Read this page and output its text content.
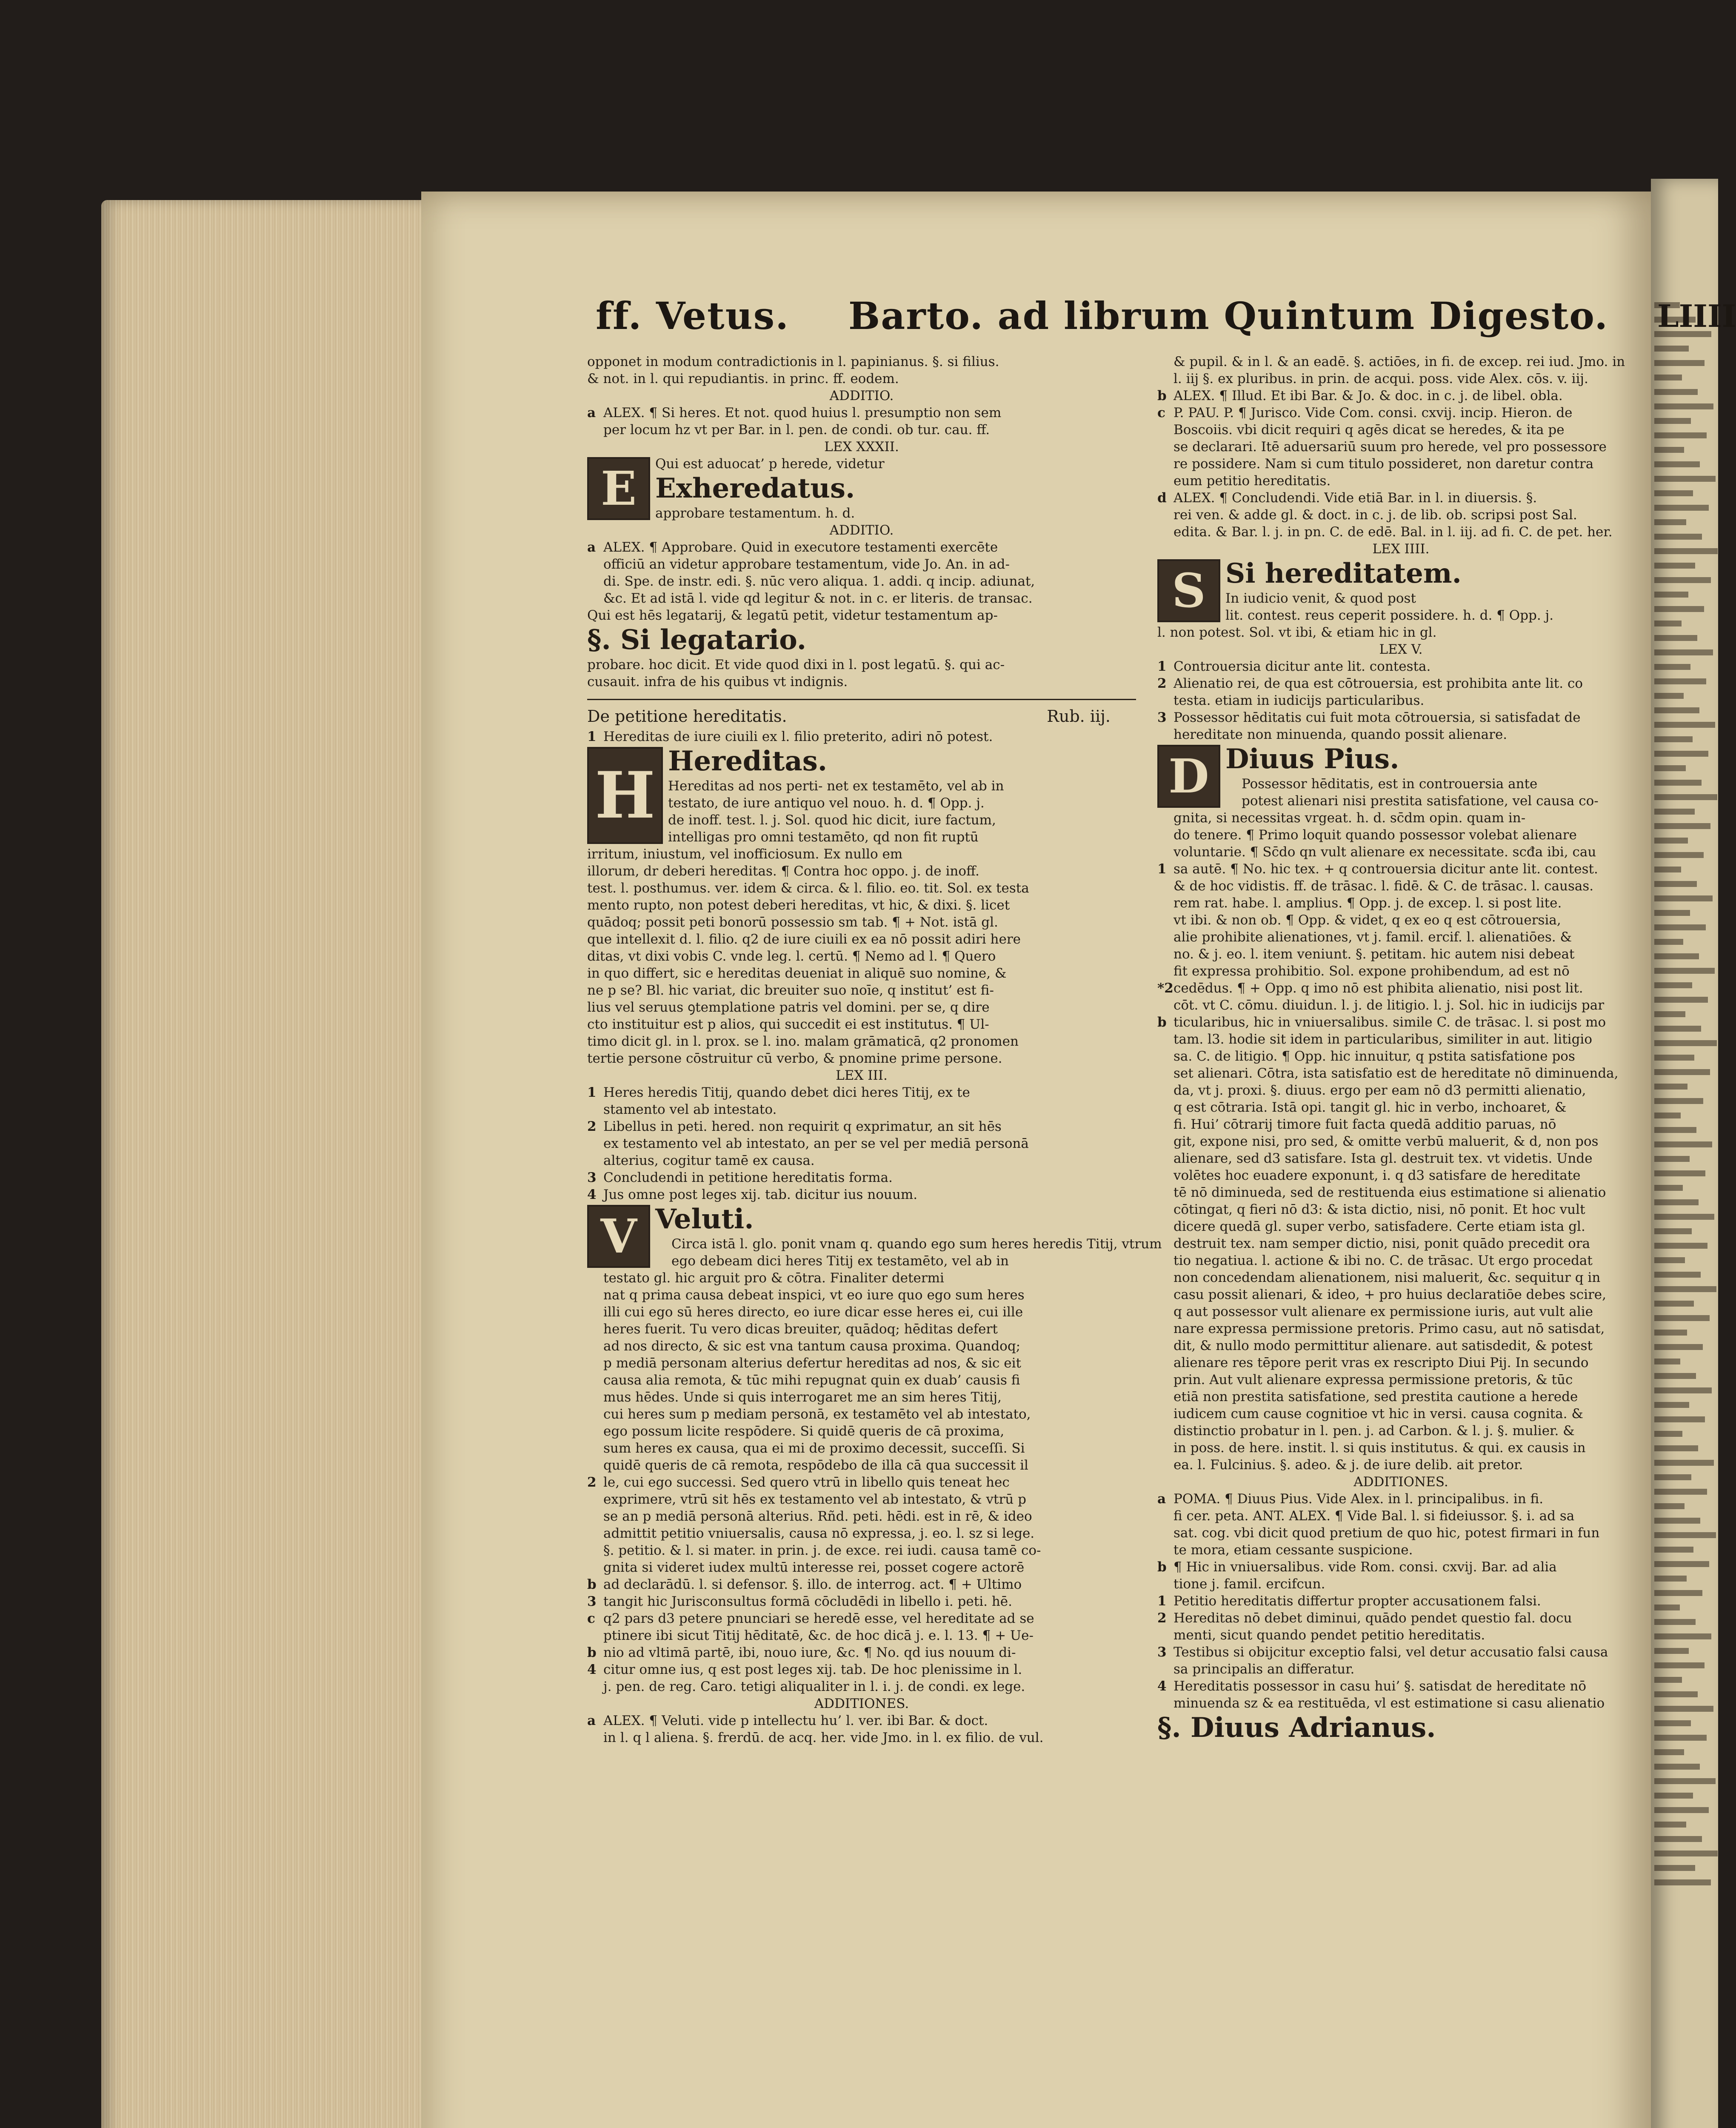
ff. Vetus. Barto. ad librum Quintum Digesto. LIIII
opponet in modum contradictionis in l. papinianus. §. si filius.
& not. in l. qui repudiantis. in princ. ff. eodem.
ADDITIO.
a ALEX. ¶ Si heres. Et not. quod huius l. presumptio non sem
per locum hz vt per Bar. in l. pen. de condi. ob tur. cau. ff.
LEX XXXII.
E	Qui est aduocat’ p herede, videtur
Exheredatus.
approbare testamentum. h. d.
ADDITIO.
a ALEX. ¶ Approbare. Quid in executore testamenti exercēte
officiū an videtur approbare testamentum, vide Jo. An. in ad-
di. Spe. de instr. edi. §. nūc vero aliqua. 1. addi. q incip. adiunat,
&c. Et ad istā l. vide qd legitur & not. in c. er literis. de transac.
Qui est hēs legatarij, & legatū petit, videtur testamentum ap-
§. Si legatario.
probare. hoc dicit. Et vide quod dixi in l. post legatū. §. qui ac-
cusauit. infra de his quibus vt indignis.
De petitione hereditatis.	Rub. iij.
1 Hereditas de iure ciuili ex l. filio preterito, adiri nō potest.
H Hereditas.
Hereditas ad nos perti- net ex testamēto, vel ab in
testato, de iure antiquo vel nouo. h. d. ¶ Opp. j.
de inoff. test. l. j. Sol. quod hic dicit, iure factum,
intelligas pro omni testamēto, qd non fit ruptū
irritum, iniustum, vel inofficiosum. Ex nullo em
illorum, dr deberi hereditas. ¶ Contra hoc oppo. j. de inoff.
test. l. posthumus. ver. idem & circa. & l. filio. eo. tit. Sol. ex testa
mento rupto, non potest deberi hereditas, vt hic, & dixi. §. licet
quādoq; possit peti bonorū possessio sm tab. ¶ + Not. istā gl.
que intellexit d. l. filio. q2 de iure ciuili ex ea nō possit adiri here
ditas, vt dixi vobis C. vnde leg. l. certū. ¶ Nemo ad l. ¶ Quero
in quo differt, sic e hereditas deueniat in aliquē suo nomine, &
ne p se? Bl. hic variat, dic breuiter suo noīe, q institut’ est fi-
lius vel seruus ꝯtemplatione patris vel domini. per se, q dire
cto instituitur est p alios, qui succedit ei est institutus. ¶ Ul-
timo dicit gl. in l. prox. se l. ino. malam grāmaticā, q2 pronomen
tertie persone cōstruitur cū verbo, & pnomine prime persone.
LEX III.
1 Heres heredis Titij, quando debet dici heres Titij, ex te
stamento vel ab intestato.
2 Libellus in peti. hered. non requirit q exprimatur, an sit hēs
ex testamento vel ab intestato, an per se vel per mediā personā
alterius, cogitur tamē ex causa.
3 Concludendi in petitione hereditatis forma.
4 Jus omne post leges xij. tab. dicitur ius nouum.
V Veluti.
Circa istā l. glo. ponit vnam q. quando ego sum heres heredis Titij, vtrum
ego debeam dici heres Titij ex testamēto, vel ab in
testato gl. hic arguit pro & cōtra. Finaliter determi
nat q prima causa debeat inspici, vt eo iure quo ego sum heres
illi cui ego sū heres directo, eo iure dicar esse heres ei, cui ille
heres fuerit. Tu vero dicas breuiter, quādoq; hēditas defert
ad nos directo, & sic est vna tantum causa proxima. Quandoq;
p mediā personam alterius defertur hereditas ad nos, & sic eit
causa alia remota, & tūc mihi repugnat quin ex duab’ causis fi
mus hēdes. Unde si quis interrogaret me an sim heres Titij,
cui heres sum p mediam personā, ex testamēto vel ab intestato,
ego possum licite respōdere. Si quidē queris de cā proxima,
sum heres ex causa, qua ei mi de proximo decessit, succeſſi. Si
quidē queris de cā remota, respōdebo de illa cā qua successit il
2 le, cui ego successi. Sed quero vtrū in libello quis teneat hec
exprimere, vtrū sit hēs ex testamento vel ab intestato, & vtrū p
se an p mediā personā alterius. Rñd. peti. hēdi. est in rē, & ideo
admittit petitio vniuersalis, causa nō expressa, j. eo. l. sz si lege.
§. petitio. & l. si mater. in prin. j. de exce. rei iudi. causa tamē co-
gnita si videret iudex multū interesse rei, posset cogere actorē
b ad declarādū. l. si defensor. §. illo. de interrog. act. ¶ + Ultimo
3 tangit hic Jurisconsultus formā cōcludēdi in libello i. peti. hē.
c q2 pars d3 petere pnunciari se heredē esse, vel hereditate ad se
ptinere ibi sicut Titij hēditatē, &c. de hoc dicā j. e. l. 13. ¶ + Ue-
b nio ad vltimā partē, ibi, nouo iure, &c. ¶ No. qd ius nouum di-
4 citur omne ius, q est post leges xij. tab. De hoc plenissime in l.
j. pen. de reg. Caro. tetigi aliqualiter in l. i. j. de condi. ex lege.
ADDITIONES.
a ALEX. ¶ Veluti. vide p intellectu hu’ l. ver. ibi Bar. & doct.
in l. q l aliena. §. frerdū. de acq. her. vide Jmo. in l. ex filio. de vul.
& pupil. & in l. & an eadē. §. actiōes, in fi. de excep. rei iud. Jmo. in
l. iij §. ex pluribus. in prin. de acqui. poss. vide Alex. cōs. v. iij.
b ALEX. ¶ Illud. Et ibi Bar. & Jo. & doc. in c. j. de libel. obla.
c P. PAU. P. ¶ Jurisco. Vide Com. consi. cxvij. incip. Hieron. de
Boscoiis. vbi dicit requiri q agēs dicat se heredes, & ita pe
se declarari. Itē aduersariū suum pro herede, vel pro possessore
re possidere. Nam si cum titulo possideret, non daretur contra
eum petitio hereditatis.
d ALEX. ¶ Concludendi. Vide etiā Bar. in l. in diuersis. §.
rei ven. & adde gl. & doct. in c. j. de lib. ob. scripsi post Sal.
edita. & Bar. l. j. in pn. C. de edē. Bal. in l. iij. ad fi. C. de pet. her.
LEX IIII.
S Si hereditatem.
In iudicio venit, & quod post
lit. contest. reus ceperit possidere. h. d. ¶ Opp. j.
l. non potest. Sol. vt ibi, & etiam hic in gl.
LEX V.
1 Controuersia dicitur ante lit. contesta.
2 Alienatio rei, de qua est cōtrouersia, est prohibita ante lit. co
testa. etiam in iudicijs particularibus.
3 Possessor hēditatis cui fuit mota cōtrouersia, si satisfadat de
hereditate non minuenda, quando possit alienare.
D Diuus Pius.
Possessor hēditatis, est in controuersia ante
potest alienari nisi prestita satisfatione, vel causa co-
gnita, si necessitas vrgeat. h. d. sc̄dm opin. quam in-
do tenere. ¶ Primo loquit quando possessor volebat alienare
voluntarie. ¶ Sc̄do qn vult alienare ex necessitate. scđa ibi, cau
1 sa autē. ¶ No. hic tex. + q controuersia dicitur ante lit. contest.
& de hoc vidistis. ff. de trāsac. l. fidē. & C. de trāsac. l. causas.
rem rat. habe. l. amplius. ¶ Opp. j. de excep. l. si post lite.
vt ibi. & non ob. ¶ Opp. & videt, q ex eo q est cōtrouersia,
alie prohibite alienationes, vt j. famil. ercif. l. alienatiōes. &
no. & j. eo. l. item veniunt. §. petitam. hic autem nisi debeat
fit expressa prohibitio. Sol. expone prohibendum, ad est nō
*2cedēdus. ¶ + Opp. q imo nō est phibita alienatio, nisi post lit.
cōt. vt C. cōmu. diuidun. l. j. de litigio. l. j. Sol. hic in iudicijs par
b ticularibus, hic in vniuersalibus. simile C. de trāsac. l. si post mo
tam. l3. hodie sit idem in particularibus, similiter in aut. litigio
sa. C. de litigio. ¶ Opp. hic innuitur, q pstita satisfatione pos
set alienari. Cōtra, ista satisfatio est de hereditate nō diminuenda,
da, vt j. proxi. §. diuus. ergo per eam nō d3 permitti alienatio,
q est cōtraria. Istā opi. tangit gl. hic in verbo, inchoaret, &
fi. Hui’ cōtrarij timore fuit facta quedā additio paruas, nō
git, expone nisi, pro sed, & omitte verbū maluerit, & d, non pos
alienare, sed d3 satisfare. Ista gl. destruit tex. vt videtis. Unde
volētes hoc euadere exponunt, i. q d3 satisfare de hereditate
tē nō diminueda, sed de restituenda eius estimatione si alienatio
cōtingat, q fieri nō d3: & ista dictio, nisi, nō ponit. Et hoc vult
dicere quedā gl. super verbo, satisfadere. Certe etiam ista gl.
destruit tex. nam semper dictio, nisi, ponit quādo precedit ora
tio negatiua. l. actione & ibi no. C. de trāsac. Ut ergo procedat
non concedendam alienationem, nisi maluerit, &c. sequitur q in
casu possit alienari, & ideo, + pro huius declaratiōe debes scire,
q aut possessor vult alienare ex permissione iuris, aut vult alie
nare expressa permissione pretoris. Primo casu, aut nō satisdat,
dit, & nullo modo permittitur alienare. aut satisdedit, & potest
alienare res tēpore perit vras ex rescripto Diui Pij. In secundo
prin. Aut vult alienare expressa permissione pretoris, & tūc
etiā non prestita satisfatione, sed prestita cautione a herede
iudicem cum cause cognitioe vt hic in versi. causa cognita. &
distinctio probatur in l. pen. j. ad Carbon. & l. j. §. mulier. &
in poss. de here. instit. l. si quis institutus. & qui. ex causis in
ea. l. Fulcinius. §. adeo. & j. de iure delib. ait pretor.
ADDITIONES.
a POMA. ¶ Diuus Pius. Vide Alex. in l. principalibus. in fi.
fi cer. peta. ANT. ALEX. ¶ Vide Bal. l. si fideiussor. §. i. ad sa
sat. cog. vbi dicit quod pretium de quo hic, potest firmari in fun
te mora, etiam cessante suspicione.
b ¶ Hic in vniuersalibus. vide Rom. consi. cxvij. Bar. ad alia
tione j. famil. ercifcun.
1 Petitio hereditatis differtur propter accusationem falsi.
2 Hereditas nō debet diminui, quādo pendet questio fal. docu
menti, sicut quando pendet petitio hereditatis.
3 Testibus si obijcitur exceptio falsi, vel detur accusatio falsi causa
sa principalis an differatur.
4 Hereditatis possessor in casu hui’ §. satisdat de hereditate nō
minuenda sz & ea restituēda, vl est estimatione si casu alienatio
§. Diuus Adrianus.
